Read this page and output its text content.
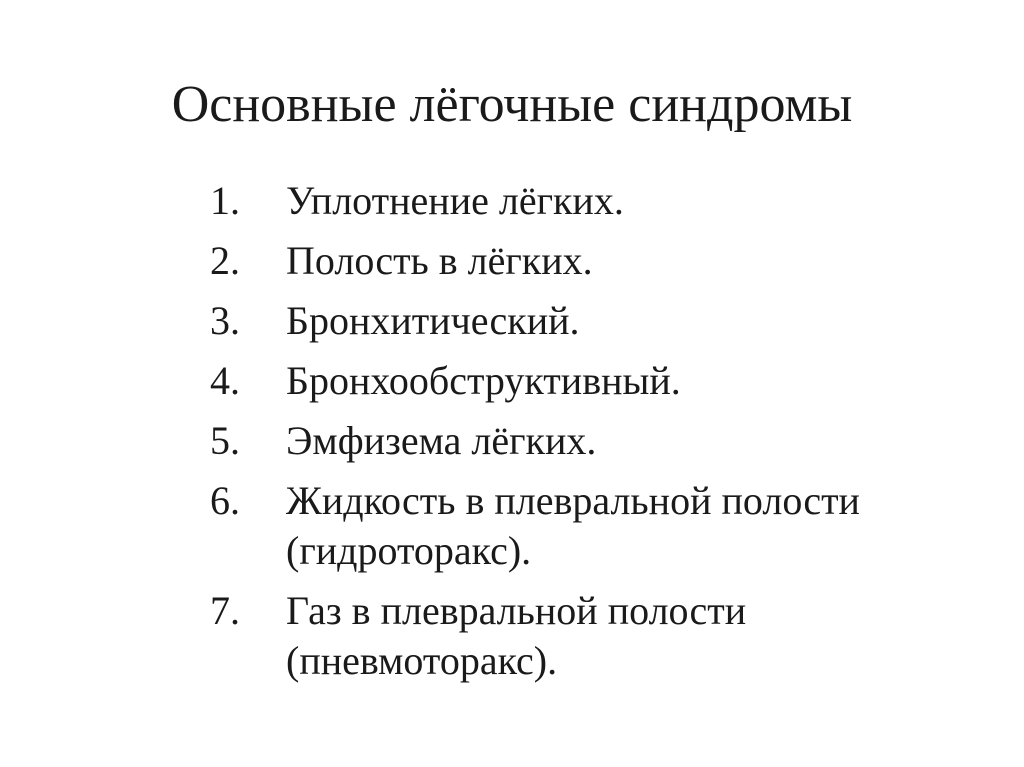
Основные лёгочные синдромы
1.	Уплотнение лёгких.
2.	Полость в лёгких.
3.	Бронхитический.
4.	Бронхообструктивный.
5.	Эмфизема лёгких.
6.	Жидкость в плевральной полости
(гидроторакс).
7.	Газ в плевральной полости
(пневмоторакс).
